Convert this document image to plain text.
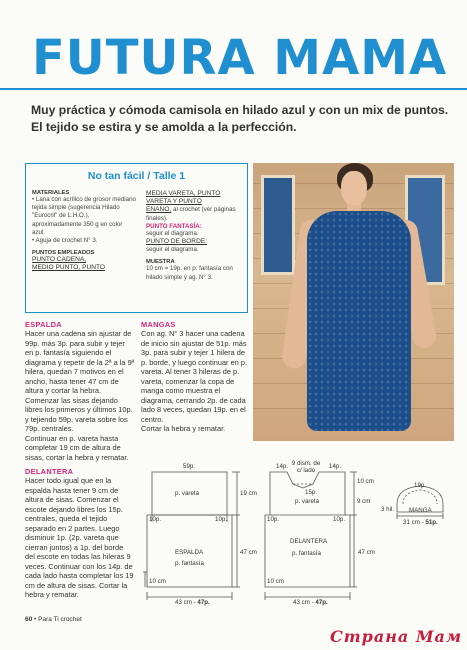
FUTURA MAMA
Muy práctica y cómoda camisola en hilado azul y con un mix de puntos. El tejido se estira y se amolda a la perfección.
No tan fácil / Talle 1
MATERIALES
• Lana con acrílico de grosor mediano tejida simple (sugerencia Hilado "Eurocril" de L.H.O.), aproximadamente 350 g en color azul.
• Aguja de crochet N° 3.
PUNTOS EMPLEADOS
PUNTO CADENA,
MEDIO PUNTO, PUNTO
MEDIA VARETA, PUNTO
VARETA Y PUNTO
ENANO, al crochet (ver páginas finales).
PUNTO FANTASÍA:
seguir el diagrama.
PUNTO DE BORDE:
seguir el diagrama.
MUESTRA
10 cm = 19p. en p. fantasía con hilado simple y ag. N° 3.
ESPALDA
Hacer una cadena sin ajustar de 99p. más 3p. para subir y tejer en p. fantasía siguiendo el diagrama y repetir de la 2ª a la 9ª hilera, quedan 7 motivos en el ancho, hasta tener 47 cm de altura y cortar la hebra. Comenzar las sisas dejando libres los primeros y últimos 10p. y tejiendo 59p. vareta sobre los 79p. centrales.
Continuar en p. vareta hasta completar 19 cm de altura de sisas, cortar la hebra y rematar.
DELANTERA
Hacer todo igual que en la espalda hasta tener 9 cm de altura de sisas. Comenzar el escote dejando libres los 15p. centrales, queda el tejido separado en 2 partes. Luego disminuir 1p. (2p. vareta que cierran juntos) a 1p. del borde del escote en todas las hileras 9 veces. Continuar con los 14p. de cada lado hasta completar los 19 cm de altura de sisas. Cortar la hebra y rematar.
MANGAS
Con ag. N° 3 hacer una cadena de inicio sin ajustar de 51p. más 3p. para subir y tejer 1 hilera de p. borde, y luego continuar en p. vareta. Al tener 3 hileras de p. vareta, comenzar la copa de manga como muestra el diagrama, cerrando 2p. de cada lado 8 veces, quedan 19p. en el centro.
Cortar la hebra y rematar.
59p.
p. vareta	19 cm
10p.	10p.
ESPALDA
p. fantasía
47 cm
10 cm
43 cm - 47p.
14p.	14p.
9 dism. de c/ lado
15p.
p. vareta
10 cm
9 cm
10p.	10p.
DELANTERA
p. fantasía	47 cm
10 cm
43 cm - 47p.
19p.
3 hil. MANGA
31 cm - 51p.
60 • Para Ti crochet
Страна Мам
